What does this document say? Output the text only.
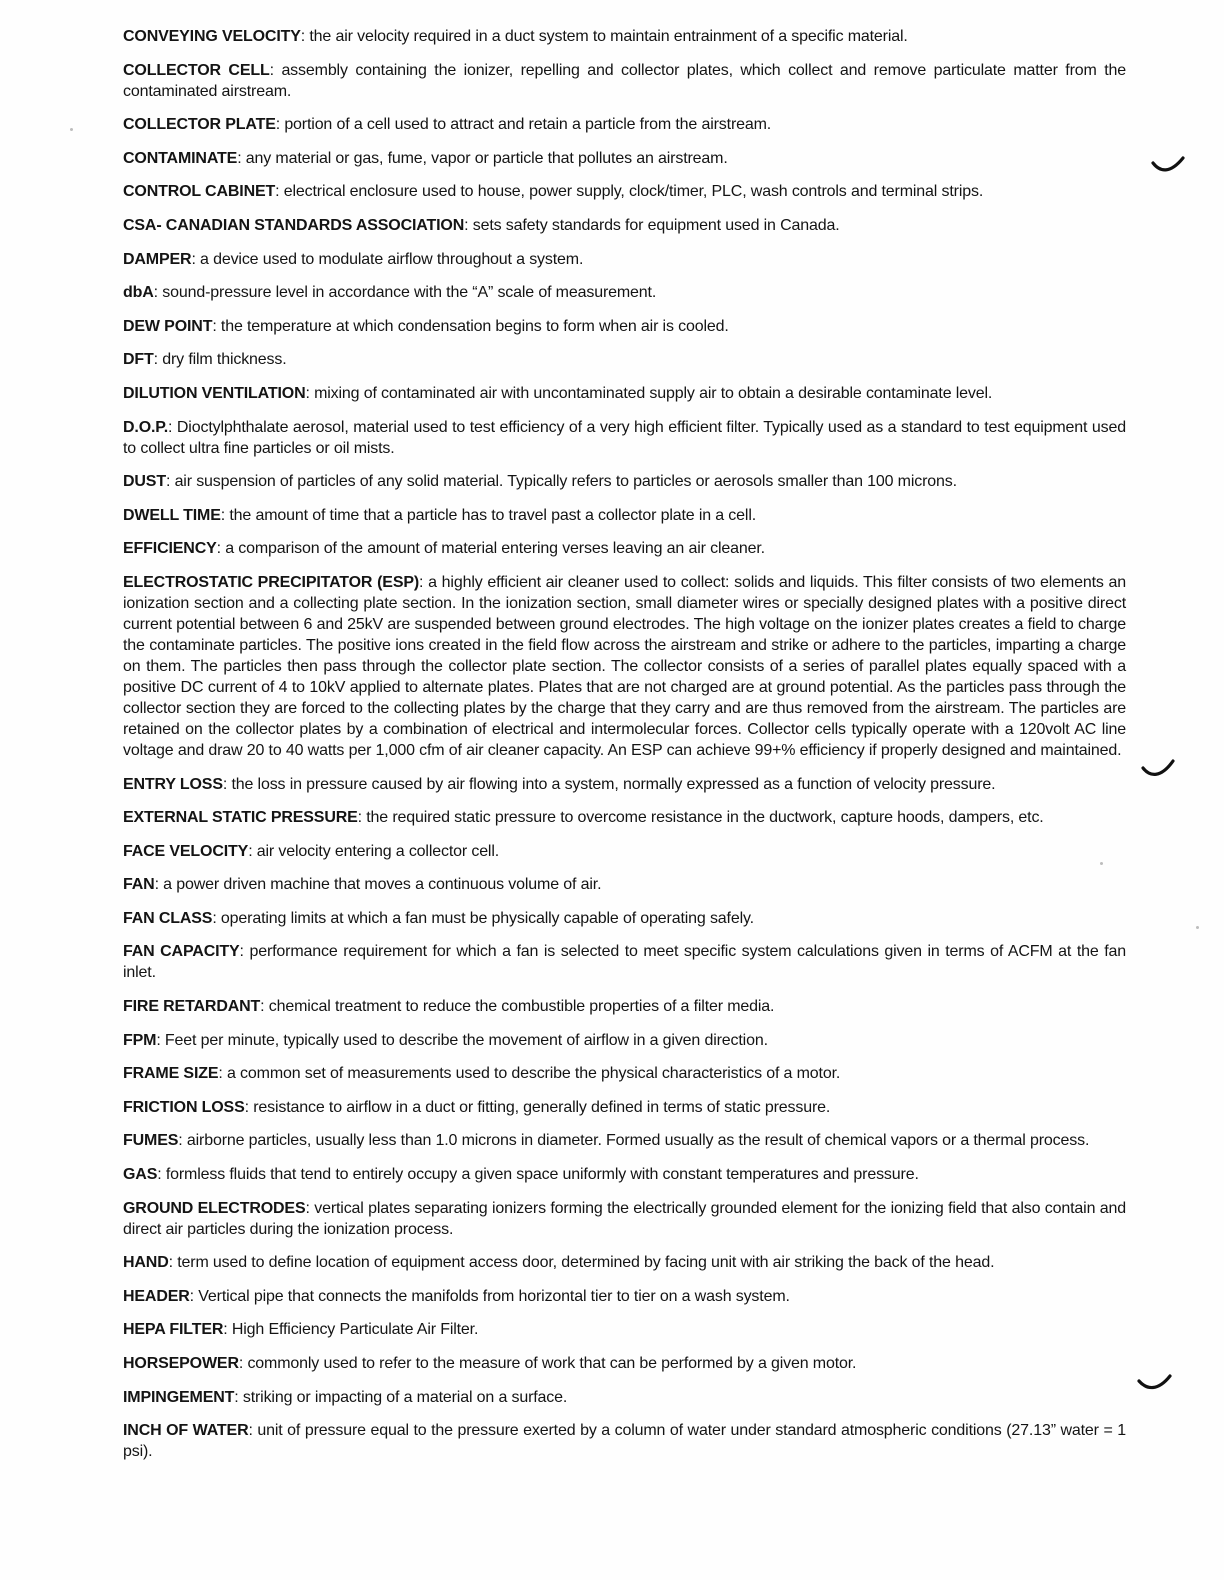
CONVEYING VELOCITY: the air velocity required in a duct system to maintain entrainment of a specific material.

COLLECTOR CELL: assembly containing the ionizer, repelling and collector plates, which collect and remove particulate matter from the contaminated airstream.

COLLECTOR PLATE: portion of a cell used to attract and retain a particle from the airstream.

CONTAMINATE: any material or gas, fume, vapor or particle that pollutes an airstream.

CONTROL CABINET: electrical enclosure used to house, power supply, clock/timer, PLC, wash controls and terminal strips.

CSA- CANADIAN STANDARDS ASSOCIATION: sets safety standards for equipment used in Canada.

DAMPER: a device used to modulate airflow throughout a system.

dbA: sound-pressure level in accordance with the “A” scale of measurement.

DEW POINT: the temperature at which condensation begins to form when air is cooled.

DFT: dry film thickness.

DILUTION VENTILATION: mixing of contaminated air with uncontaminated supply air to obtain a desirable contaminate level.

D.O.P.: Dioctylphthalate aerosol, material used to test efficiency of a very high efficient filter. Typically used as a standard to test equipment used to collect ultra fine particles or oil mists.

DUST: air suspension of particles of any solid material. Typically refers to particles or aerosols smaller than 100 microns.

DWELL TIME: the amount of time that a particle has to travel past a collector plate in a cell.

EFFICIENCY: a comparison of the amount of material entering verses leaving an air cleaner.

ELECTROSTATIC PRECIPITATOR (ESP): a highly efficient air cleaner used to collect: solids and liquids. This filter consists of two elements an ionization section and a collecting plate section. In the ionization section, small diameter wires or specially designed plates with a positive direct current potential between 6 and 25kV are suspended between ground electrodes. The high voltage on the ionizer plates creates a field to charge the contaminate particles. The positive ions created in the field flow across the airstream and strike or adhere to the particles, imparting a charge on them. The particles then pass through the collector plate section. The collector consists of a series of parallel plates equally spaced with a positive DC current of 4 to 10kV applied to alternate plates. Plates that are not charged are at ground potential. As the particles pass through the collector section they are forced to the collecting plates by the charge that they carry and are thus removed from the airstream. The particles are retained on the collector plates by a combination of electrical and intermolecular forces. Collector cells typically operate with a 120volt AC line voltage and draw 20 to 40 watts per 1,000 cfm of air cleaner capacity. An ESP can achieve 99+% efficiency if properly designed and maintained.

ENTRY LOSS: the loss in pressure caused by air flowing into a system, normally expressed as a function of velocity pressure.

EXTERNAL STATIC PRESSURE: the required static pressure to overcome resistance in the ductwork, capture hoods, dampers, etc.

FACE VELOCITY: air velocity entering a collector cell.

FAN: a power driven machine that moves a continuous volume of air.

FAN CLASS: operating limits at which a fan must be physically capable of operating safely.

FAN CAPACITY: performance requirement for which a fan is selected to meet specific system calculations given in terms of ACFM at the fan inlet.

FIRE RETARDANT: chemical treatment to reduce the combustible properties of a filter media.

FPM: Feet per minute, typically used to describe the movement of airflow in a given direction.

FRAME SIZE: a common set of measurements used to describe the physical characteristics of a motor.

FRICTION LOSS: resistance to airflow in a duct or fitting, generally defined in terms of static pressure.

FUMES: airborne particles, usually less than 1.0 microns in diameter. Formed usually as the result of chemical vapors or a thermal process.

GAS: formless fluids that tend to entirely occupy a given space uniformly with constant temperatures and pressure.

GROUND ELECTRODES: vertical plates separating ionizers forming the electrically grounded element for the ionizing field that also contain and direct air particles during the ionization process.

HAND: term used to define location of equipment access door, determined by facing unit with air striking the back of the head.

HEADER: Vertical pipe that connects the manifolds from horizontal tier to tier on a wash system.

HEPA FILTER: High Efficiency Particulate Air Filter.

HORSEPOWER: commonly used to refer to the measure of work that can be performed by a given motor.

IMPINGEMENT: striking or impacting of a material on a surface.

INCH OF WATER: unit of pressure equal to the pressure exerted by a column of water under standard atmospheric conditions (27.13” water = 1 psi).
